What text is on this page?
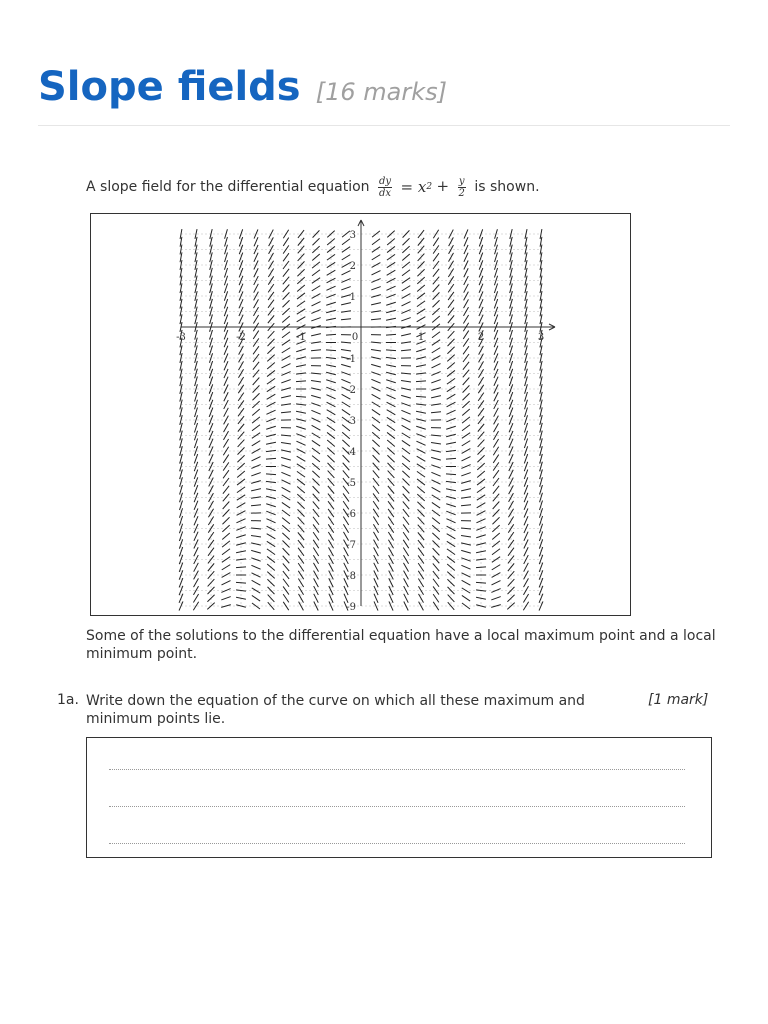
Slope fields [16 marks]
A slope field for the differential equation $\frac{dy}{dx} = x2 + \frac{y}{2}$ is shown.
-3	-2	-1	0	1	2	3
3
2
1
-1
-2
-3
-4
-5
-6
-7
-8
-9
Some of the solutions to the differential equation have a local maximum point and a local minimum point.
1a. Write down the equation of the curve on which all these maximum and minimum points lie.
[1 mark]
